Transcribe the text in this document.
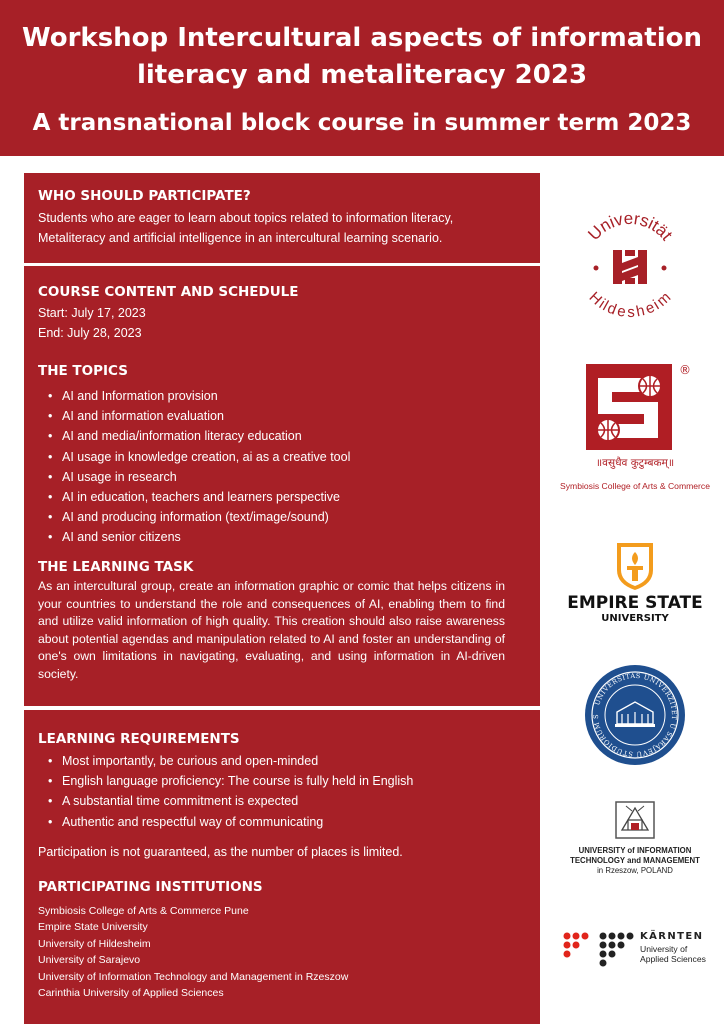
Workshop Intercultural aspects of information literacy and metaliteracy 2023
A transnational block course in summer term 2023
WHO SHOULD PARTICIPATE?
Students who are eager to learn about topics related to information literacy,
Metaliteracy and artificial intelligence in an intercultural learning scenario.
COURSE CONTENT AND SCHEDULE
Start: July 17, 2023
End: July 28, 2023
THE TOPICS
• AI and Information provision
• AI and information evaluation
• AI and media/information literacy education
• AI usage in knowledge creation, ai as a creative tool
• AI usage in research
• AI in education, teachers and learners perspective
• AI and producing information (text/image/sound)
• AI and senior citizens
THE LEARNING TASK
As an intercultural group, create an information graphic or comic that helps citizens in your countries to understand the role and consequences of AI, enabling them to find and utilize valid information of high quality. This creation should also raise awareness about potential agendas and manipulation related to AI and foster an understanding of one's own limitations in navigating, evaluating, and using information in AI-driven society.
LEARNING REQUIREMENTS
• Most importantly, be curious and open-minded
• English language proficiency: The course is fully held in English
• A substantial time commitment is expected
• Authentic and respectful way of communicating
Participation is not guaranteed, as the number of places is limited.
PARTICIPATING INSTITUTIONS
Symbiosis College of Arts & Commerce Pune
Empire State University
University of Hildesheim
University of Sarajevo
University of Information Technology and Management in Rzeszow
Carinthia University of Applied Sciences
Universität
Hildesheim
®
॥वसुधैव कुटुम्बकम्॥
Symbiosis College of Arts & Commerce
EMPIRE STATE
UNIVERSITY
UNIVERSITAS UNIVERZITET U SARAJEVU STUDIORUM S
UNIVERSITY of INFORMATION
TECHNOLOGY and MANAGEMENT
in Rzeszow, POLAND
KÄRNTEN
University of
Applied Sciences
